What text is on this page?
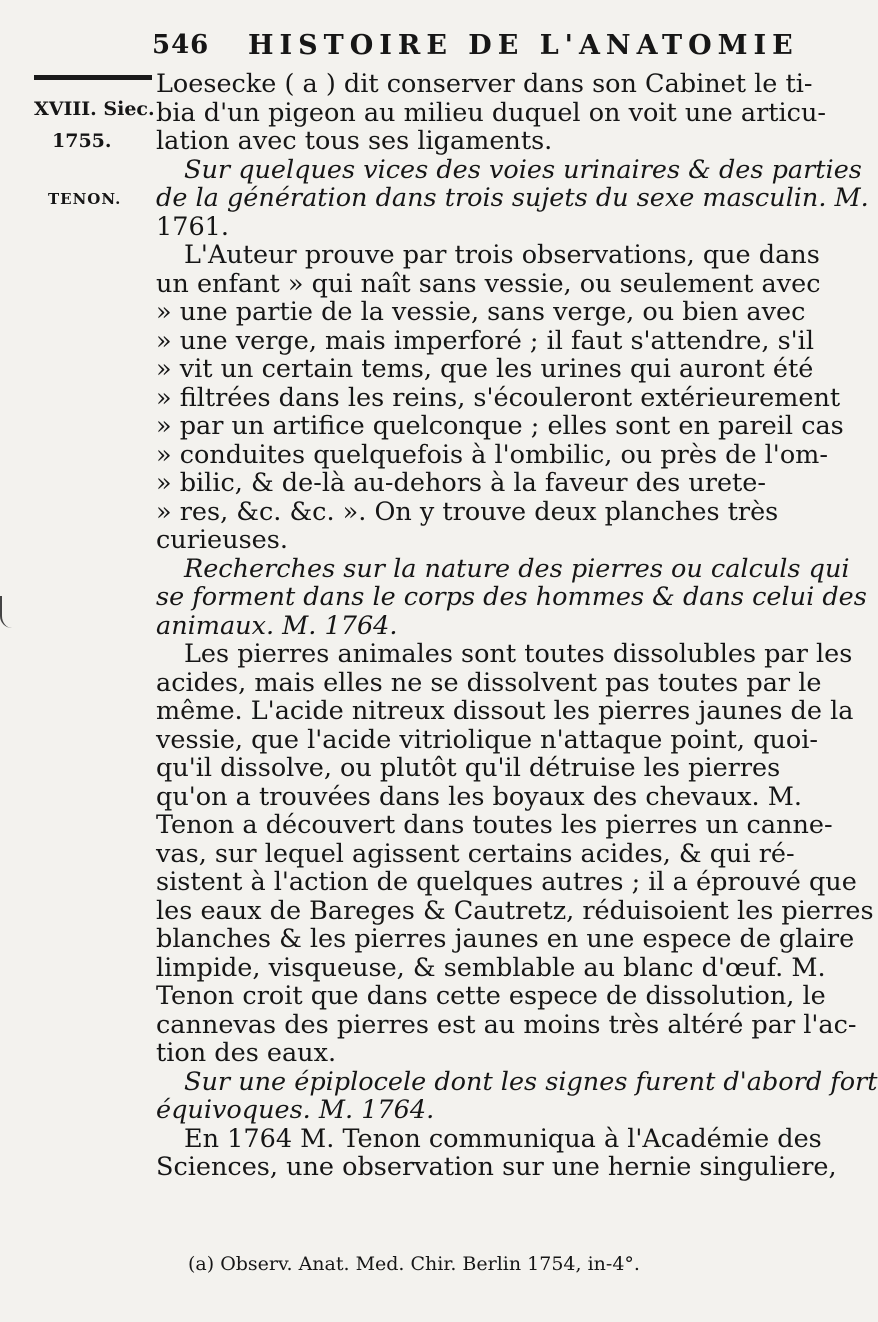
546 HISTOIRE DE L'ANATOMIE
XVIII. Siec.
1755.
TENON.
Loesecke ( a ) dit conserver dans son Cabinet le ti-
bia d'un pigeon au milieu duquel on voit une articu-
lation avec tous ses ligaments.
Sur quelques vices des voies urinaires & des parties
de la génération dans trois sujets du sexe masculin. M.
1761.
L'Auteur prouve par trois observations, que dans
un enfant » qui naît sans vessie, ou seulement avec
» une partie de la vessie, sans verge, ou bien avec
» une verge, mais imperforé ; il faut s'attendre, s'il
» vit un certain tems, que les urines qui auront été
» filtrées dans les reins, s'écouleront extérieurement
» par un artifice quelconque ; elles sont en pareil cas
» conduites quelquefois à l'ombilic, ou près de l'om-
» bilic, & de-là au-dehors à la faveur des urete-
» res, &c. &c. ». On y trouve deux planches très
curieuses.
Recherches sur la nature des pierres ou calculs qui
se forment dans le corps des hommes & dans celui des
animaux. M. 1764.
Les pierres animales sont toutes dissolubles par les
acides, mais elles ne se dissolvent pas toutes par le
même. L'acide nitreux dissout les pierres jaunes de la
vessie, que l'acide vitriolique n'attaque point, quoi-
qu'il dissolve, ou plutôt qu'il détruise les pierres
qu'on a trouvées dans les boyaux des chevaux. M.
Tenon a découvert dans toutes les pierres un canne-
vas, sur lequel agissent certains acides, & qui ré-
sistent à l'action de quelques autres ; il a éprouvé que
les eaux de Bareges & Cautretz, réduisoient les pierres
blanches & les pierres jaunes en une espece de glaire
limpide, visqueuse, & semblable au blanc d'œuf. M.
Tenon croit que dans cette espece de dissolution, le
cannevas des pierres est au moins très altéré par l'ac-
tion des eaux.
Sur une épiplocele dont les signes furent d'abord fort
équivoques. M. 1764.
En 1764 M. Tenon communiqua à l'Académie des
Sciences, une observation sur une hernie singuliere,
(a) Observ. Anat. Med. Chir. Berlin 1754, in-4°.
